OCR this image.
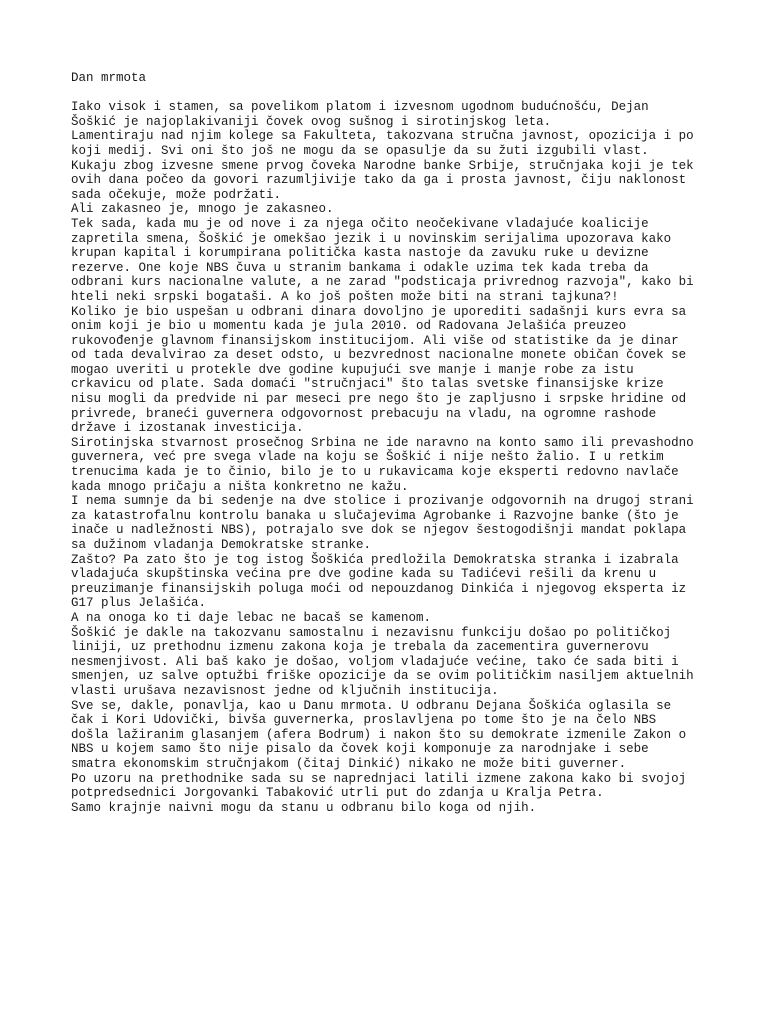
Dan mrmota
Iako visok i stamen, sa povelikom platom i izvesnom ugodnom budućnošću, Dejan
Šoškić je najoplakivaniji čovek ovog sušnog i sirotinjskog leta.
Lamentiraju nad njim kolege sa Fakulteta, takozvana stručna javnost, opozicija i po
koji medij. Svi oni što još ne mogu da se opasulje da su žuti izgubili vlast.
Kukaju zbog izvesne smene prvog čoveka Narodne banke Srbije, stručnjaka koji je tek
ovih dana počeo da govori razumljivije tako da ga i prosta javnost, čiju naklonost
sada očekuje, može podržati.
Ali zakasneo je, mnogo je zakasneo.
Tek sada, kada mu je od nove i za njega očito neočekivane vladajuće koalicije
zapretila smena, Šoškić je omekšao jezik i u novinskim serijalima upozorava kako
krupan kapital i korumpirana politička kasta nastoje da zavuku ruke u devizne
rezerve. One koje NBS čuva u stranim bankama i odakle uzima tek kada treba da
odbrani kurs nacionalne valute, a ne zarad "podsticaja privrednog razvoja", kako bi
hteli neki srpski bogataši. A ko još pošten može biti na strani tajkuna?!
Koliko je bio uspešan u odbrani dinara dovoljno je uporediti sadašnji kurs evra sa
onim koji je bio u momentu kada je jula 2010. od Radovana Jelašića preuzeo
rukovođenje glavnom finansijskom institucijom. Ali više od statistike da je dinar
od tada devalvirao za deset odsto, u bezvrednost nacionalne monete običan čovek se
mogao uveriti u protekle dve godine kupujući sve manje i manje robe za istu
crkavicu od plate. Sada domaći "stručnjaci" što talas svetske finansijske krize
nisu mogli da predvide ni par meseci pre nego što je zapljusno i srpske hridine od
privrede, braneći guvernera odgovornost prebacuju na vladu, na ogromne rashode
države i izostanak investicija.
Sirotinjska stvarnost prosečnog Srbina ne ide naravno na konto samo ili prevashodno
guvernera, već pre svega vlade na koju se Šoškić i nije nešto žalio. I u retkim
trenucima kada je to činio, bilo je to u rukavicama koje eksperti redovno navlače
kada mnogo pričaju a ništa konkretno ne kažu.
I nema sumnje da bi sedenje na dve stolice i prozivanje odgovornih na drugoj strani
za katastrofalnu kontrolu banaka u slučajevima Agrobanke i Razvojne banke (što je
inače u nadležnosti NBS), potrajalo sve dok se njegov šestogodišnji mandat poklapa
sa dužinom vladanja Demokratske stranke.
Zašto? Pa zato što je tog istog Šoškića predložila Demokratska stranka i izabrala
vladajuća skupštinska većina pre dve godine kada su Tadićevi rešili da krenu u
preuzimanje finansijskih poluga moći od nepouzdanog Dinkića i njegovog eksperta iz
G17 plus Jelašića.
A na onoga ko ti daje lebac ne bacaš se kamenom.
Šoškić je dakle na takozvanu samostalnu i nezavisnu funkciju došao po političkoj
liniji, uz prethodnu izmenu zakona koja je trebala da zacementira guvernerovu
nesmenjivost. Ali baš kako je došao, voljom vladajuće većine, tako će sada biti i
smenjen, uz salve optužbi friške opozicije da se ovim političkim nasiljem aktuelnih
vlasti urušava nezavisnost jedne od ključnih institucija.
Sve se, dakle, ponavlja, kao u Danu mrmota. U odbranu Dejana Šoškića oglasila se
čak i Kori Udovički, bivša guvernerka, proslavljena po tome što je na čelo NBS
došla lažiranim glasanjem (afera Bodrum) i nakon što su demokrate izmenile Zakon o
NBS u kojem samo što nije pisalo da čovek koji komponuje za narodnjake i sebe
smatra ekonomskim stručnjakom (čitaj Dinkić) nikako ne može biti guverner.
Po uzoru na prethodnike sada su se naprednjaci latili izmene zakona kako bi svojoj
potpredsednici Jorgovanki Tabaković utrli put do zdanja u Kralja Petra.
Samo krajnje naivni mogu da stanu u odbranu bilo koga od njih.
